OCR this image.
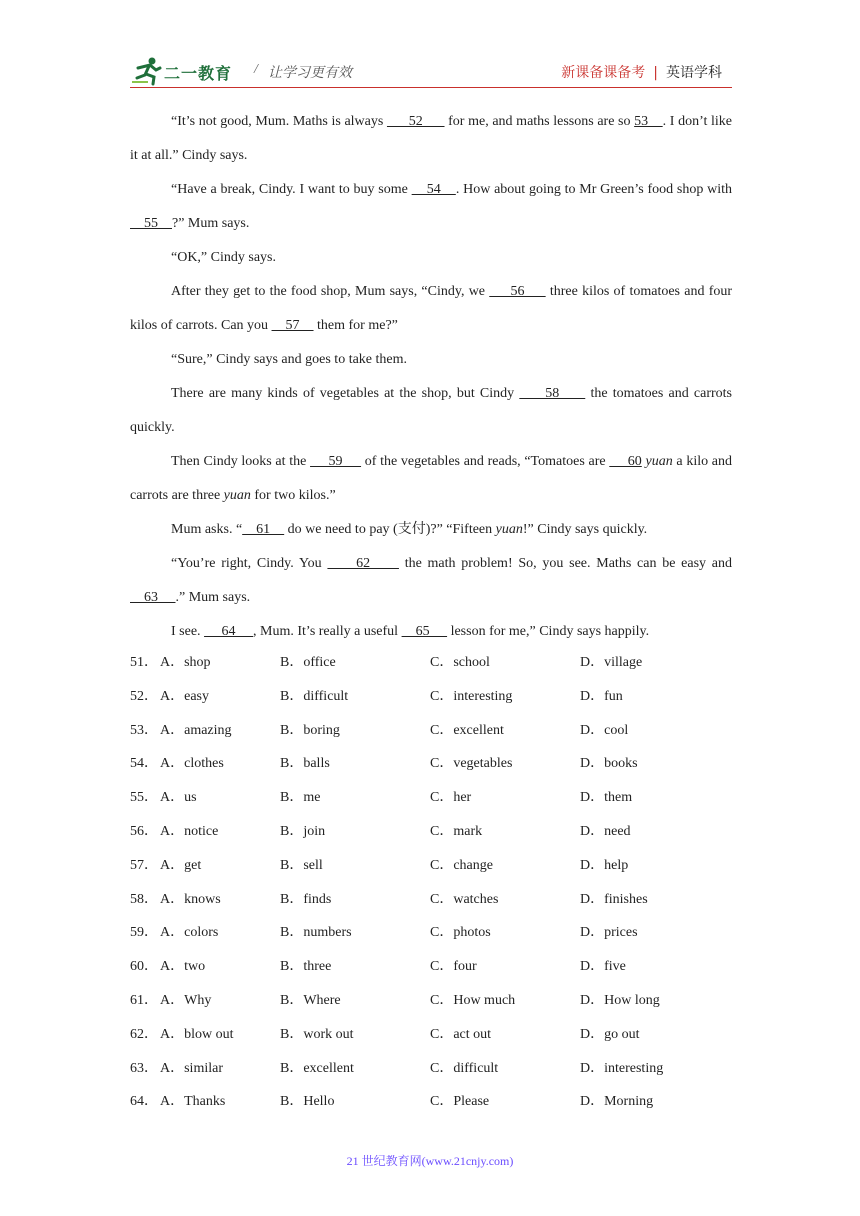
二一教育 / 让学习更有效	新课备课备考 | 英语学科

“It’s not good, Mum. Maths is always       52       for me, and maths lessons are so 53    . I don’t like it at all.” Cindy says.

“Have a break, Cindy. I want to buy some     54    . How about going to Mr Green’s food shop with     55    ?” Mum says.

“OK,” Cindy says.

After they get to the food shop, Mum says, “Cindy, we      56      three kilos of tomatoes and four kilos of carrots. Can you     57     them for me?”

“Sure,” Cindy says and goes to take them.

There are many kinds of vegetables at the shop, but Cindy      58      the tomatoes and carrots quickly.

Then Cindy looks at the      59      of the vegetables and reads, “Tomatoes are      60 yuan a kilo and carrots are three yuan for two kilos.”

Mum asks. “    61     do we need to pay (支付)?” “Fifteen yuan!” Cindy says quickly.

“You’re right, Cindy. You      62      the math problem! So, you see. Maths can be easy and     63     .” Mum says.

I see.      64     , Mum. It’s really a useful     65      lesson for me,” Cindy says happily.

51． A．shop	B．office	C．school	D．village
52． A．easy	B．difficult	C．interesting	D．fun
53． A．amazing	B．boring	C．excellent	D．cool
54． A．clothes	B．balls	C．vegetables	D．books
55． A．us	B．me	C．her	D．them
56． A．notice	B．join	C．mark	D．need
57． A．get	B．sell	C．change	D．help
58． A．knows	B．finds	C．watches	D．finishes
59． A．colors	B．numbers	C．photos	D．prices
60． A．two	B．three	C．four	D．five
61． A．Why	B．Where	C．How much	D．How long
62． A．blow out	B．work out	C．act out	D．go out
63． A．similar	B．excellent	C．difficult	D．interesting
64． A．Thanks	B．Hello	C．Please	D．Morning
21 世纪教育网(www.21cnjy.com)
